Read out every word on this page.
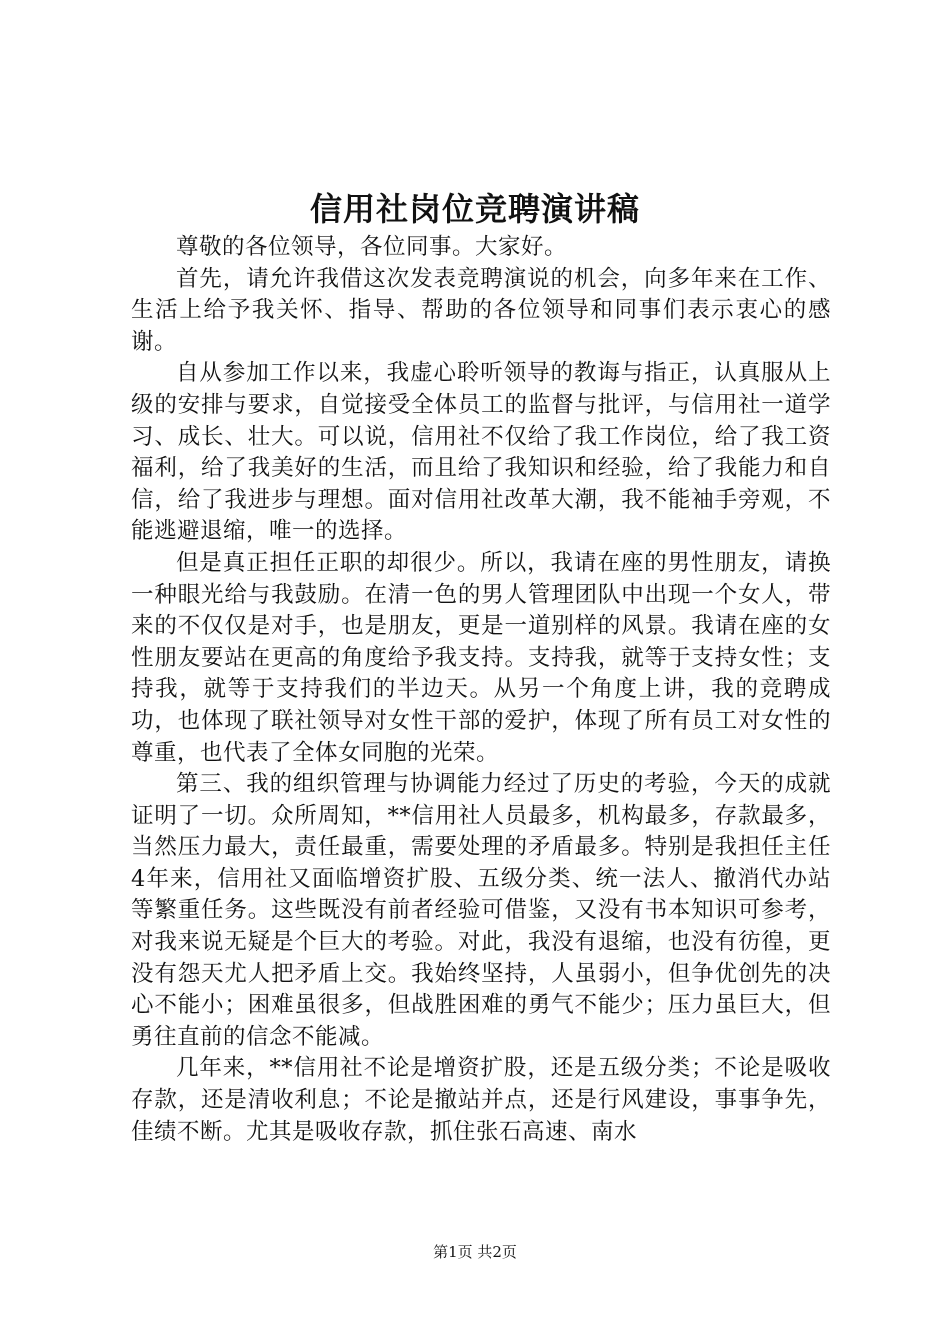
信用社岗位竞聘演讲稿

尊敬的各位领导，各位同事。大家好。

首先，请允许我借这次发表竞聘演说的机会，向多年来在工作、生活上给予我关怀、指导、帮助的各位领导和同事们表示衷心的感谢。

自从参加工作以来，我虚心聆听领导的教诲与指正，认真服从上级的安排与要求，自觉接受全体员工的监督与批评，与信用社一道学习、成长、壮大。可以说，信用社不仅给了我工作岗位，给了我工资福利，给了我美好的生活，而且给了我知识和经验，给了我能力和自信，给了我进步与理想。面对信用社改革大潮，我不能袖手旁观，不能逃避退缩，唯一的选择。

但是真正担任正职的却很少。所以，我请在座的男性朋友，请换一种眼光给与我鼓励。在清一色的男人管理团队中出现一个女人，带来的不仅仅是对手，也是朋友，更是一道别样的风景。我请在座的女性朋友要站在更高的角度给予我支持。支持我，就等于支持女性；支持我，就等于支持我们的半边天。从另一个角度上讲，我的竞聘成功，也体现了联社领导对女性干部的爱护，体现了所有员工对女性的尊重，也代表了全体女同胞的光荣。

第三、我的组织管理与协调能力经过了历史的考验，今天的成就证明了一切。众所周知，**信用社人员最多，机构最多，存款最多，当然压力最大，责任最重，需要处理的矛盾最多。特别是我担任主任4年来，信用社又面临增资扩股、五级分类、统一法人、撤消代办站等繁重任务。这些既没有前者经验可借鉴，又没有书本知识可参考，对我来说无疑是个巨大的考验。对此，我没有退缩，也没有彷徨，更没有怨天尤人把矛盾上交。我始终坚持，人虽弱小，但争优创先的决心不能小；困难虽很多，但战胜困难的勇气不能少；压力虽巨大，但勇往直前的信念不能减。

几年来，**信用社不论是增资扩股，还是五级分类；不论是吸收存款，还是清收利息；不论是撤站并点，还是行风建设，事事争先，佳绩不断。尤其是吸收存款，抓住张石高速、南水

第1页 共2页
